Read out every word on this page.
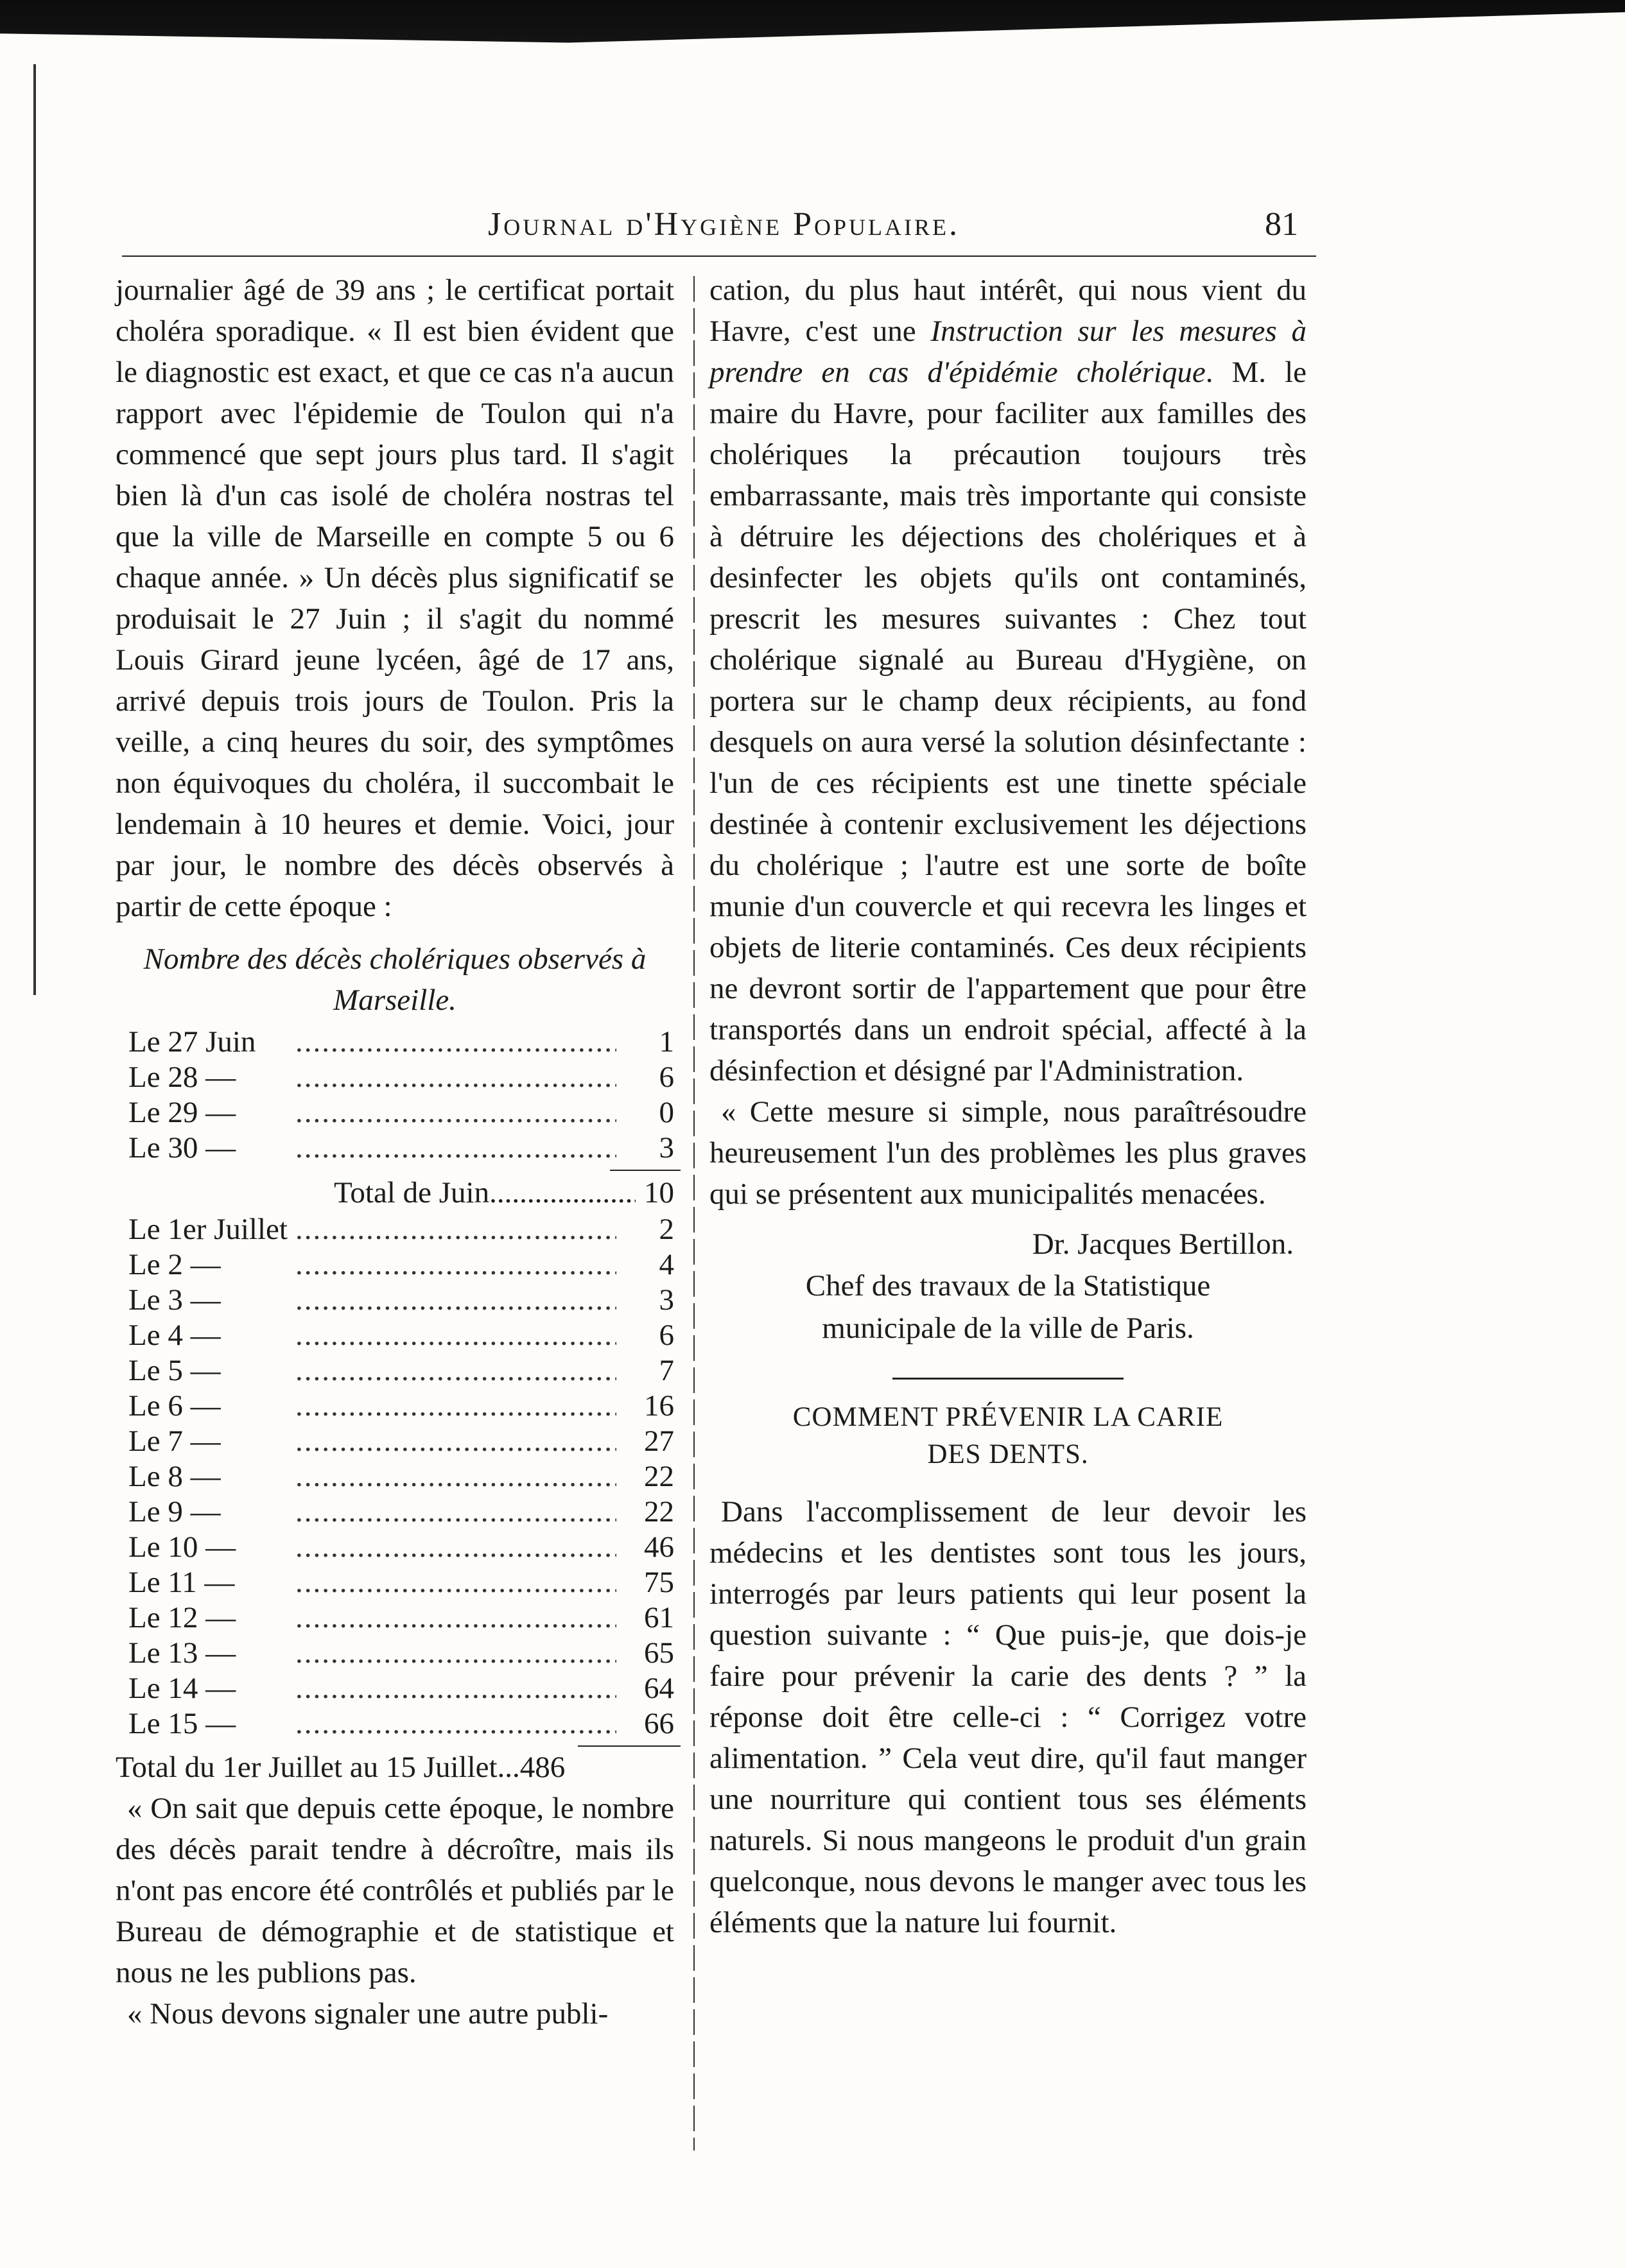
Journal d'Hygiène Populaire.	81

journalier âgé de 39 ans ; le certificat portait choléra sporadique. « Il est bien évident que le diagnostic est exact, et que ce cas n'a aucun rapport avec l'épidemie de Toulon qui n'a commencé que sept jours plus tard. Il s'agit bien là d'un cas isolé de choléra nostras tel que la ville de Marseille en compte 5 ou 6 chaque année. » Un décès plus significatif se produisait le 27 Juin ; il s'agit du nommé Louis Girard jeune lycéen, âgé de 17 ans, arrivé depuis trois jours de Toulon. Pris la veille, a cinq heures du soir, des symptômes non équivoques du choléra, il succombait le lendemain à 10 heures et demie. Voici, jour par jour, le nombre des décès observés à partir de cette époque :

Nombre des décès cholériques observés à Marseille.
Le 27 Juin .....	1
Le 28 — .....	6
Le 29 — .....	0
Le 30 — .....	3
Total de Juin .....	10
Le 1er Juillet .....	2
Le 2 — .....	4
Le 3 — .....	3
Le 4 — .....	6
Le 5 — .....	7
Le 6 — .....	16
Le 7 — .....	27
Le 8 — .....	22
Le 9 — .....	22
Le 10 — .....	46
Le 11 — .....	75
Le 12 — .....	61
Le 13 — .....	65
Le 14 — .....	64
Le 15 — .....	66
Total du 1er Juillet au 15 Juillet...486

« On sait que depuis cette époque, le nombre des décès parait tendre à décroître, mais ils n'ont pas encore été contrôlés et publiés par le Bureau de démographie et de statistique et nous ne les publions pas.

« Nous devons signaler une autre publi-

cation, du plus haut intérêt, qui nous vient du Havre, c'est une Instruction sur les mesures à prendre en cas d'épidémie cholérique. M. le maire du Havre, pour faciliter aux familles des cholériques la précaution toujours très embarrassante, mais très importante qui consiste à détruire les déjections des cholériques et à desinfecter les objets qu'ils ont contaminés, prescrit les mesures suivantes : Chez tout cholérique signalé au Bureau d'Hygiène, on portera sur le champ deux récipients, au fond desquels on aura versé la solution désinfectante : l'un de ces récipients est une tinette spéciale destinée à contenir exclusivement les déjections du cholérique ; l'autre est une sorte de boîte munie d'un couvercle et qui recevra les linges et objets de literie contaminés. Ces deux récipients ne devront sortir de l'appartement que pour être transportés dans un endroit spécial, affecté à la désinfection et désigné par l'Administration.

« Cette mesure si simple, nous paraîtrésoudre heureusement l'un des problèmes les plus graves qui se présentent aux municipalités menacées.

Dr. Jacques Bertillon.
Chef des travaux de la Statistique
municipale de la ville de Paris.
COMMENT PRÉVENIR LA CARIE
DES DENTS.

Dans l'accomplissement de leur devoir les médecins et les dentistes sont tous les jours, interrogés par leurs patients qui leur posent la question suivante : “ Que puis-je, que dois-je faire pour prévenir la carie des dents ? ” la réponse doit être celle-ci : “ Corrigez votre alimentation. ” Cela veut dire, qu'il faut manger une nourriture qui contient tous ses éléments naturels. Si nous mangeons le produit d'un grain quelconque, nous devons le manger avec tous les éléments que la nature lui fournit.
